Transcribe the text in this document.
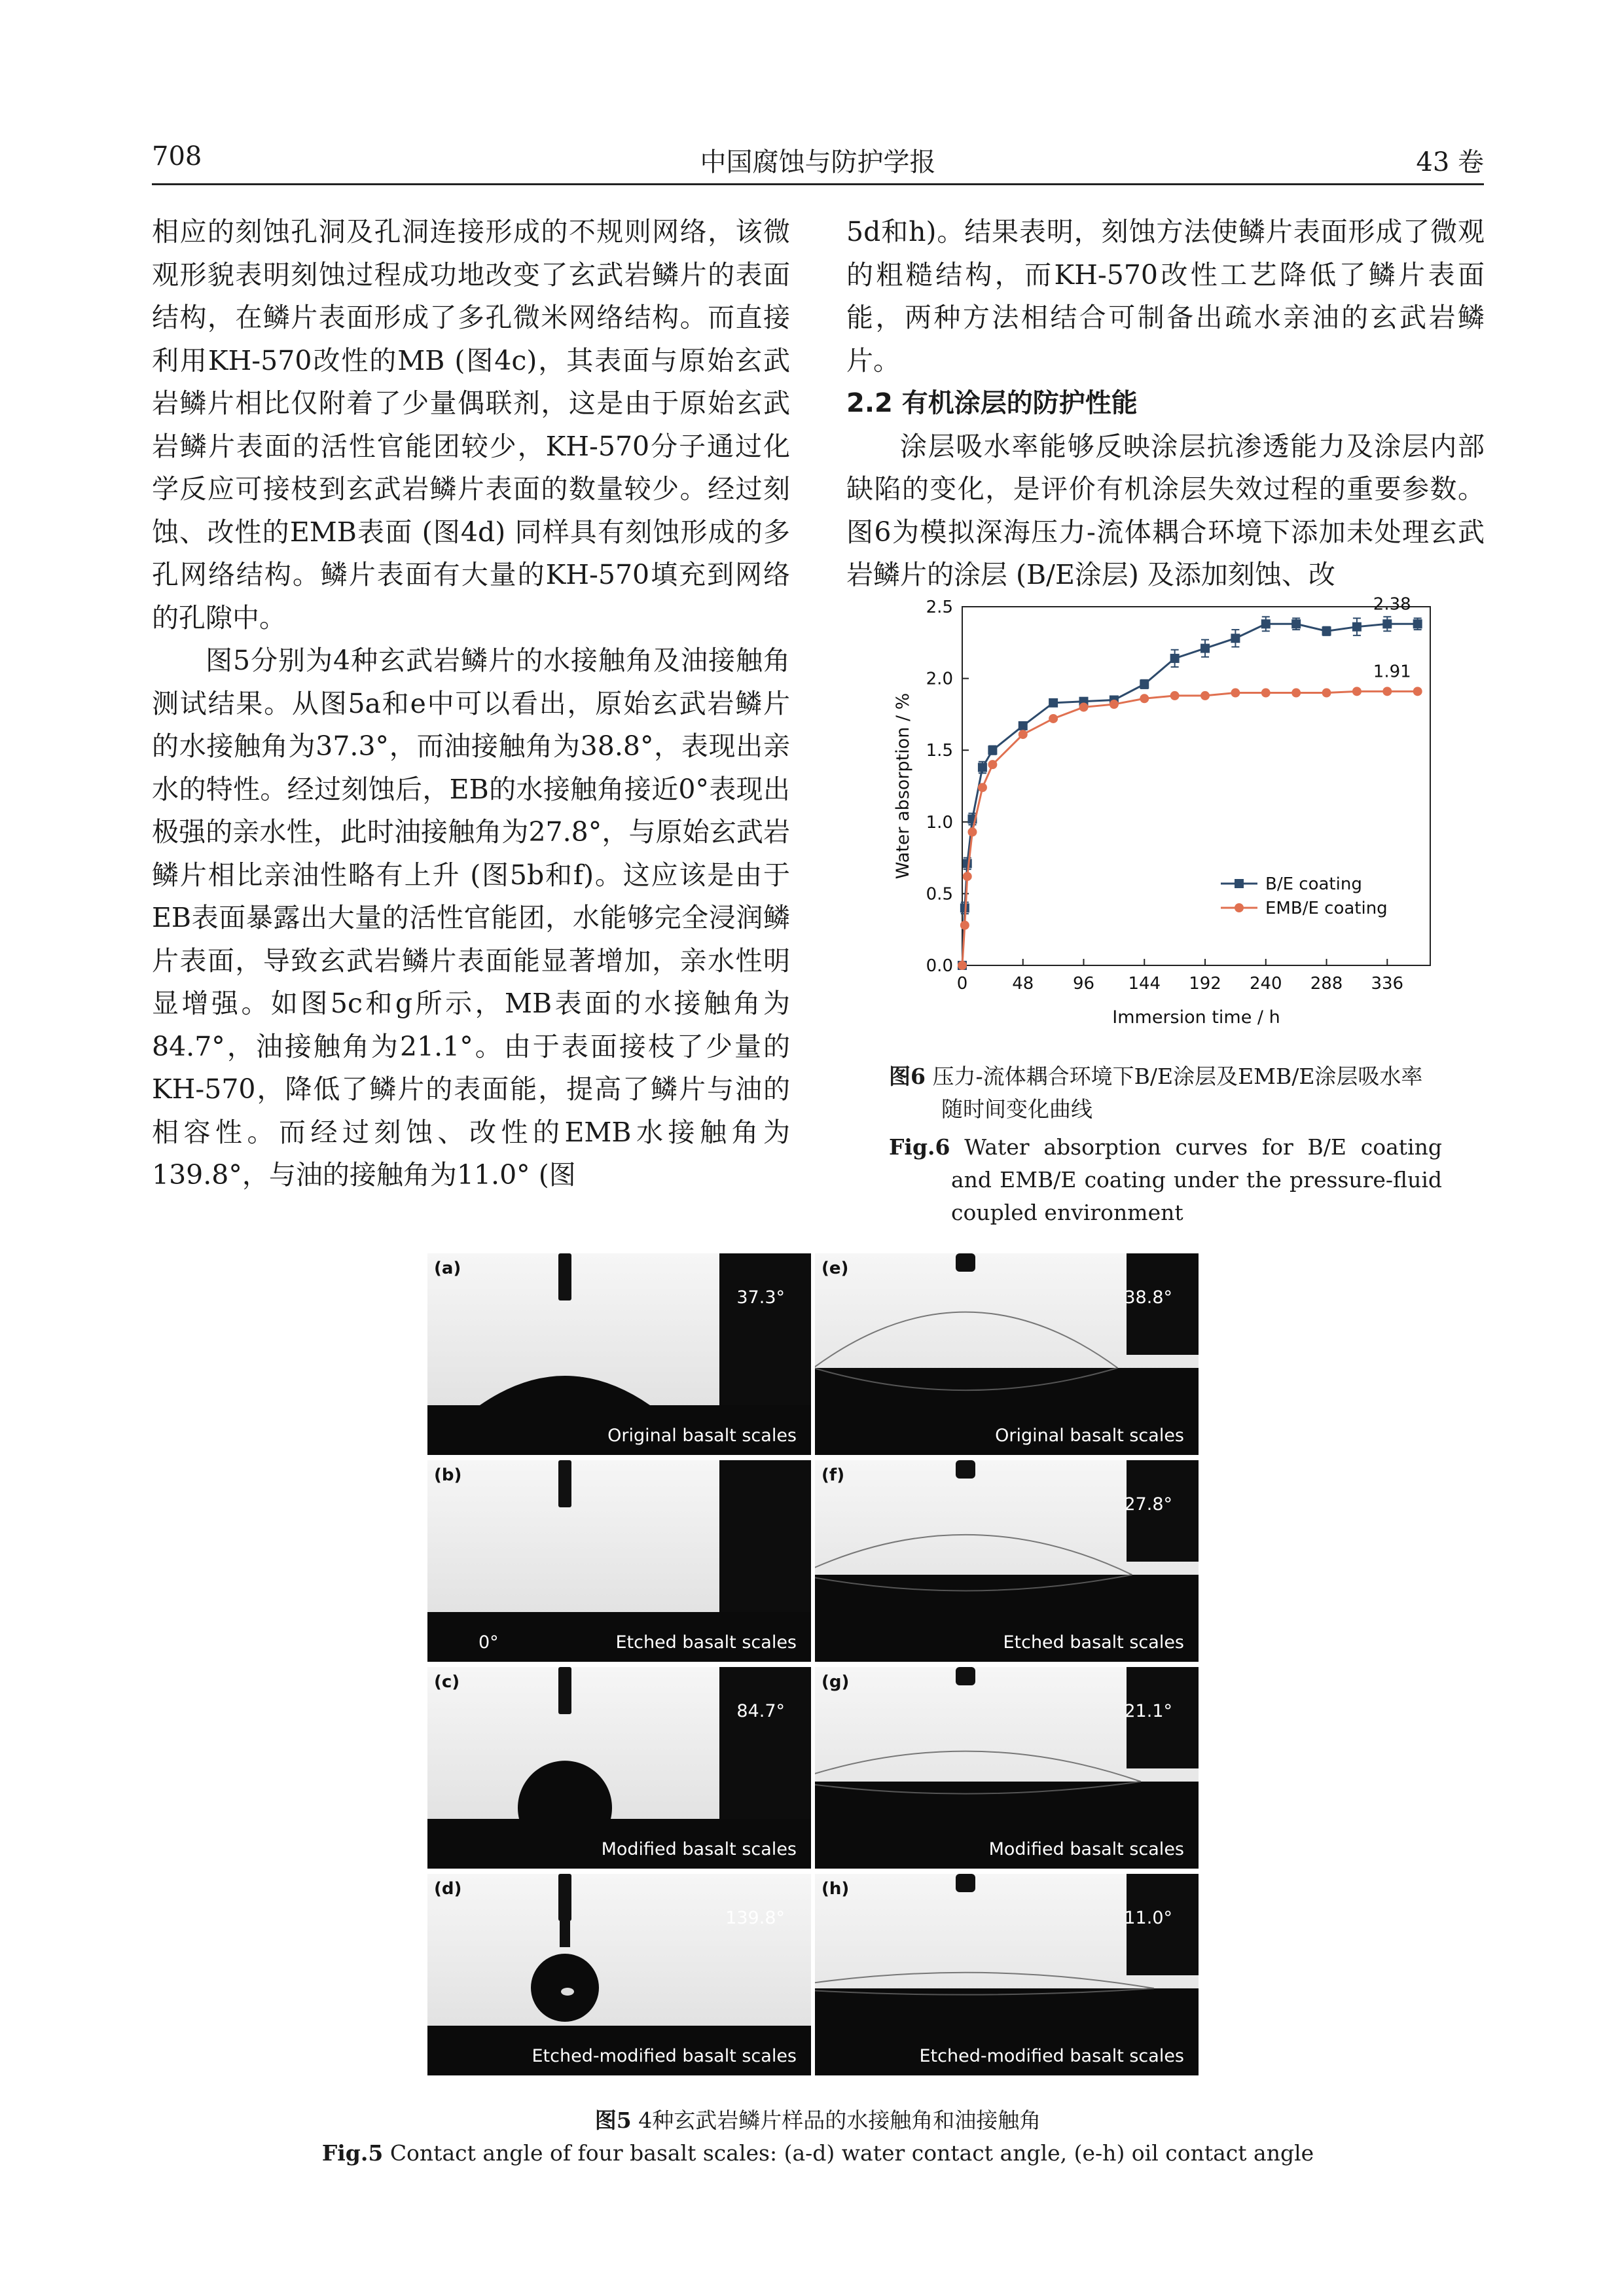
708	中国腐蚀与防护学报	43 卷

相应的刻蚀孔洞及孔洞连接形成的不规则网络，该微观形貌表明刻蚀过程成功地改变了玄武岩鳞片的表面结构，在鳞片表面形成了多孔微米网络结构。而直接利用KH-570改性的MB (图4c)，其表面与原始玄武岩鳞片相比仅附着了少量偶联剂，这是由于原始玄武岩鳞片表面的活性官能团较少，KH-570分子通过化学反应可接枝到玄武岩鳞片表面的数量较少。经过刻蚀、改性的EMB表面 (图4d) 同样具有刻蚀形成的多孔网络结构。鳞片表面有大量的KH-570填充到网络的孔隙中。

图5分别为4种玄武岩鳞片的水接触角及油接触角测试结果。从图5a和e中可以看出，原始玄武岩鳞片的水接触角为37.3°，而油接触角为38.8°，表现出亲水的特性。经过刻蚀后，EB的水接触角接近0°表现出极强的亲水性，此时油接触角为27.8°，与原始玄武岩鳞片相比亲油性略有上升 (图5b和f)。这应该是由于EB表面暴露出大量的活性官能团，水能够完全浸润鳞片表面，导致玄武岩鳞片表面能显著增加，亲水性明显增强。如图5c和g所示，MB表面的水接触角为84.7°，油接触角为21.1°。由于表面接枝了少量的KH-570，降低了鳞片的表面能，提高了鳞片与油的相容性。而经过刻蚀、改性的EMB水接触角为139.8°，与油的接触角为11.0° (图

5d和h)。结果表明，刻蚀方法使鳞片表面形成了微观的粗糙结构，而KH-570改性工艺降低了鳞片表面能，两种方法相结合可制备出疏水亲油的玄武岩鳞片。

2.2 有机涂层的防护性能

涂层吸水率能够反映涂层抗渗透能力及涂层内部缺陷的变化，是评价有机涂层失效过程的重要参数。图6为模拟深海压力-流体耦合环境下添加未处理玄武岩鳞片的涂层 (B/E涂层) 及添加刻蚀、改

0	48 96 144 192 240 288 336
0.0
0.5
1.0
1.5
2.0
2.5
Immersion time / h
Water absorption / %
2.38
B/E coating
1.91
EMB/E coating
图6 压力-流体耦合环境下B/E涂层及EMB/E涂层吸水率随时间变化曲线
Fig.6 Water absorption curves for B/E coating and EMB/E coating under the pressure-fluid coupled environment
(a)
37.3°
Original basalt scales
(e)
38.8°
Original basalt scales
(b)
0°	Etched basalt scales
(f)
27.8°
Etched basalt scales
(c)
84.7°
Modified basalt scales
(g)
21.1°
Modified basalt scales
(d)
139.8°
Etched-modified basalt scales
(h)
11.0°
Etched-modified basalt scales
图5 4种玄武岩鳞片样品的水接触角和油接触角
Fig.5 Contact angle of four basalt scales: (a-d) water contact angle, (e-h) oil contact angle
